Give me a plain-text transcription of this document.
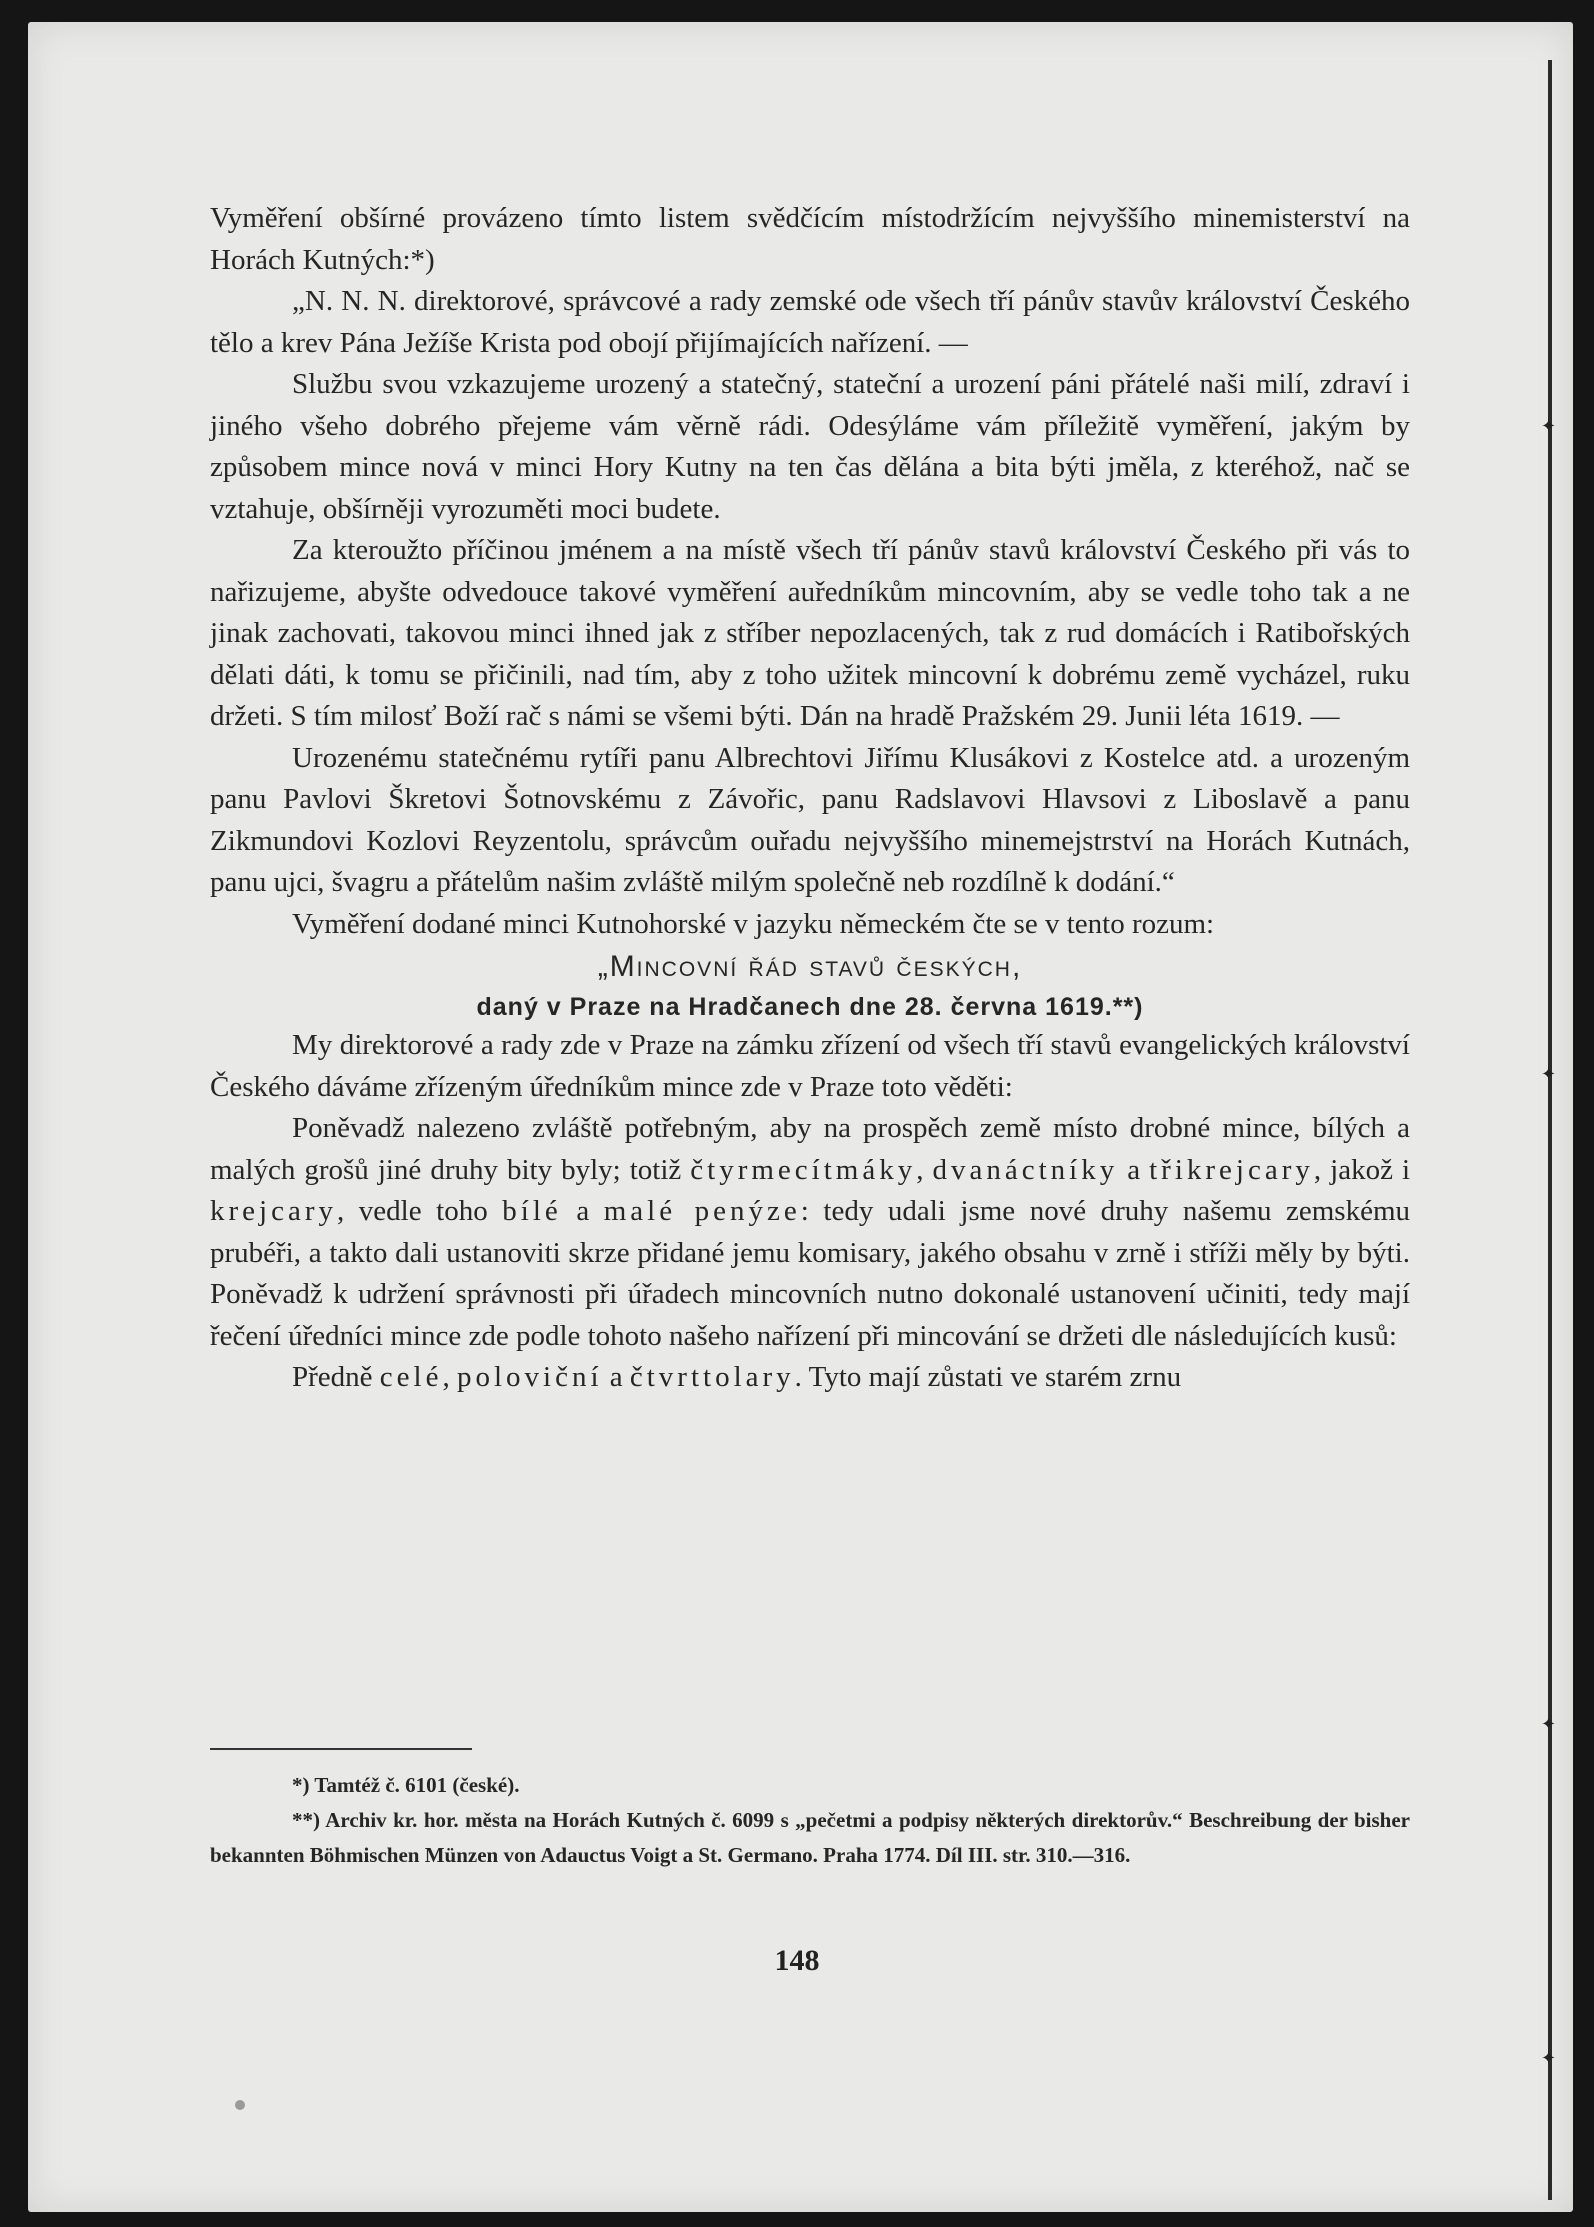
✦
✦
✦
✦

Vyměření obšírné provázeno tímto listem svědčícím místodržícím nejvyššího minemisterství na Horách Kutných:*)

„N. N. N. direktorové, správcové a rady zemské ode všech tří pánův stavův království Českého tělo a krev Pána Ježíše Krista pod obojí přijímajících nařízení. —

Službu svou vzkazujeme urozený a statečný, stateční a urození páni přátelé naši milí, zdraví i jiného všeho dobrého přejeme vám věrně rádi. Odesýláme vám příležitě vyměření, jakým by způsobem mince nová v minci Hory Kutny na ten čas dělána a bita býti jměla, z kteréhož, nač se vztahuje, obšírněji vyrozuměti moci budete.

Za kteroužto příčinou jménem a na místě všech tří pánův stavů království Českého při vás to nařizujeme, abyšte odvedouce takové vyměření auředníkům mincovním, aby se vedle toho tak a ne jinak zachovati, takovou minci ihned jak z stříber nepozlacených, tak z rud domácích i Ratibořských dělati dáti, k tomu se přičinili, nad tím, aby z toho užitek mincovní k dobrému země vycházel, ruku držeti. S tím milosť Boží rač s námi se všemi býti. Dán na hradě Pražském 29. Junii léta 1619. —

Urozenému statečnému rytíři panu Albrechtovi Jiřímu Klusákovi z Kostelce atd. a urozeným panu Pavlovi Škretovi Šotnovskému z Závořic, panu Radslavovi Hlavsovi z Liboslavě a panu Zikmundovi Kozlovi Reyzentolu, správcům ouřadu nejvyššího minemejstrství na Horách Kutnách, panu ujci, švagru a přátelům našim zvláště milým společně neb rozdílně k dodání.“

Vyměření dodané minci Kutnohorské v jazyku německém čte se v tento rozum:

„Mincovní řád stavů českých,

daný v Praze na Hradčanech dne 28. června 1619.**)

My direktorové a rady zde v Praze na zámku zřízení od všech tří stavů evangelických království Českého dáváme zřízeným úředníkům mince zde v Praze toto věděti:

Poněvadž nalezeno zvláště potřebným, aby na prospěch země místo drobné mince, bílých a malých grošů jiné druhy bity byly; totiž čtyrmecítmáky, dvanáctníky a třikrejcary, jakož i krejcary, vedle toho bílé a malé penýze: tedy udali jsme nové druhy našemu zemskému prubéři, a takto dali ustanoviti skrze přidané jemu komisary, jakého obsahu v zrně i stříži měly by býti. Poněvadž k udržení správnosti při úřadech mincovních nutno dokonalé ustanovení učiniti, tedy mají řečení úředníci mince zde podle tohoto našeho nařízení při mincování se držeti dle následujících kusů:

Předně celé, poloviční a čtvrttolary. Tyto mají zůstati ve starém zrnu

*) Tamtéž č. 6101 (české).

**) Archiv kr. hor. města na Horách Kutných č. 6099 s „pečetmi a podpisy některých direktorův.“ Beschreibung der bisher bekannten Böhmischen Münzen von Adauctus Voigt a St. Germano. Praha 1774. Díl III. str. 310.—316.

148
